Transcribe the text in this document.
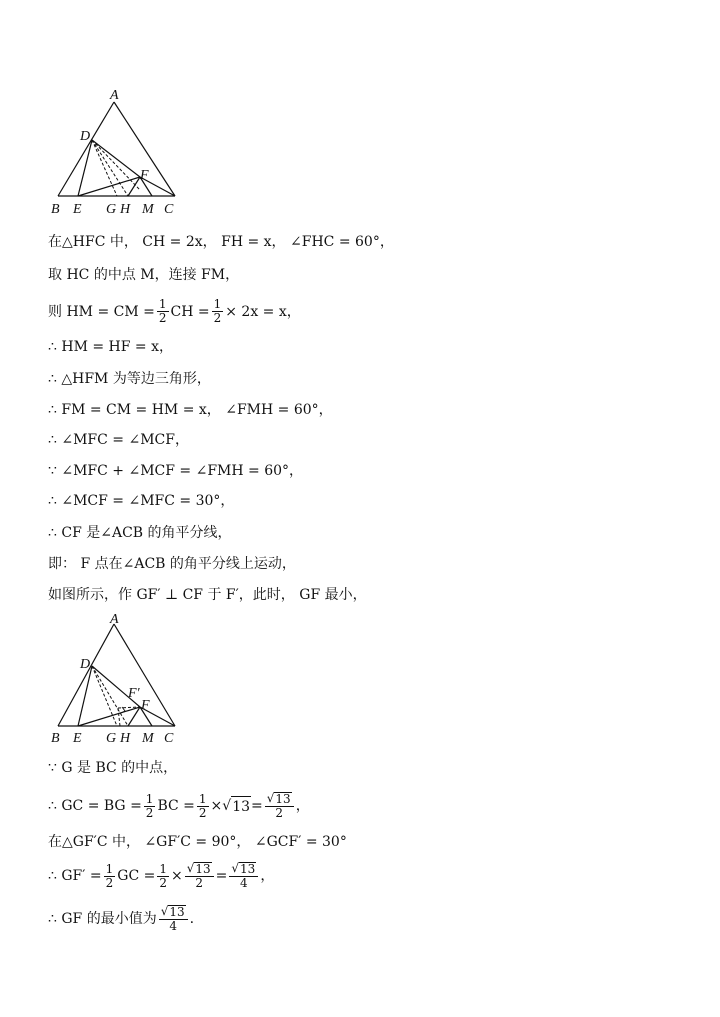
A
D
F
B E G H M C
在△HFC 中， CH = 2x， FH = x， ∠FHC = 60°，
取 HC 的中点 M，连接 FM，
则 HM = CM = $\frac{1}{2}$ CH = $\frac{1}{2} \times 2x = x$，
∴ HM = HF = x，
∴ △HFM 为等边三角形，
∴ FM = CM = HM = x， ∠FMH = 60°，
∴ ∠MFC = ∠MCF，
∵ ∠MFC + ∠MCF = ∠FMH = 60°，
∴ ∠MCF = ∠MFC = 30°，
∴ CF 是∠ACB 的角平分线，
即： F 点在∠ACB 的角平分线上运动，
如图所示，作 GF′ ⊥ CF 于 F′，此时， GF 最小，
A
D
F′
F
B E G H M C
∵ G 是 BC 的中点，
∴ GC = BG = $\frac{1}{2}$ BC = $\frac{1}{2}$ × √ $13 = \frac{√ 13}{2}$ ，
在△GF′C 中， ∠GF′C = 90°， ∠GCF′ = 30°
∴ $GF' = \frac{1}{2}$ GC = $\frac{1}{2} \times \frac{√ 13}{2} = \frac{√ 13}{4}$ ，
∴ GF 的最小值为 $\frac{√ 13}{4}$ .
